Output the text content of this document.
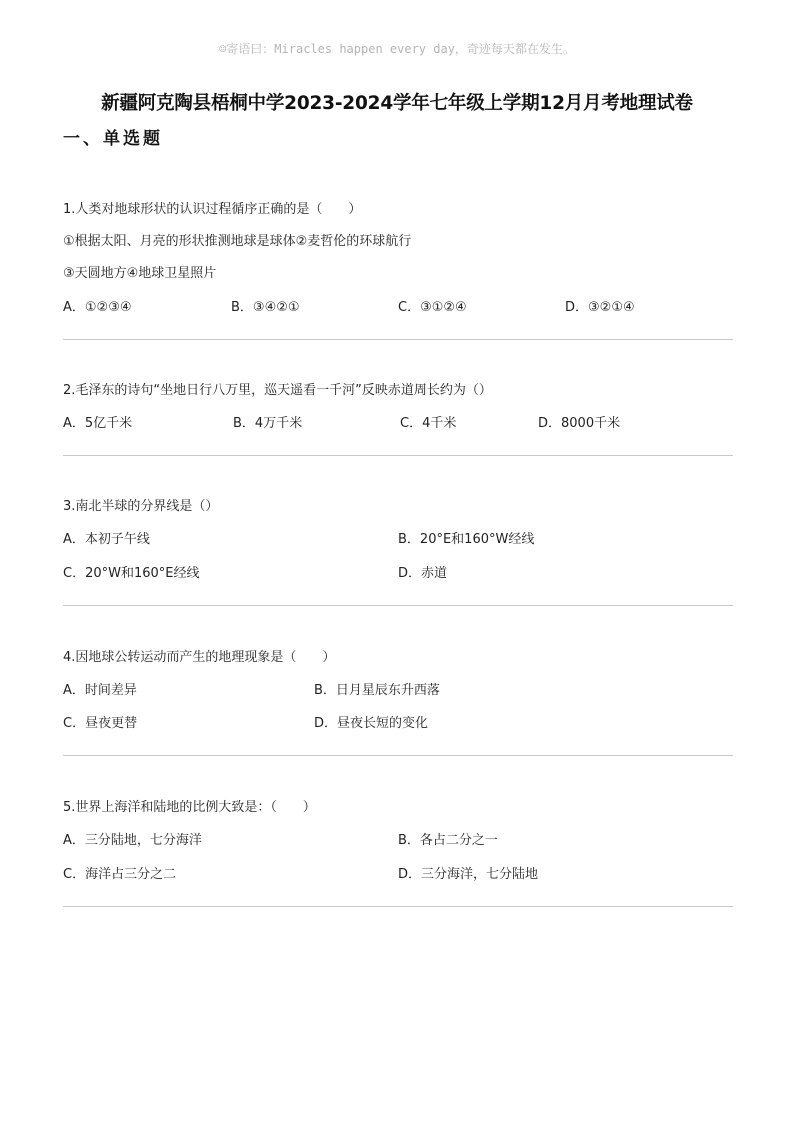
☺寄语曰：Miracles happen every day，奇迹每天都在发生。
新疆阿克陶县梧桐中学2023-2024学年七年级上学期12月月考地理试卷
一、单选题
1.人类对地球形状的认识过程循序正确的是（　　）
①根据太阳、月亮的形状推测地球是球体②麦哲伦的环球航行
③天圆地方④地球卫星照片
A．①②③④	B．③④②①	C．③①②④	D．③②①④
2.毛泽东的诗句“坐地日行八万里，巡天遥看一千河”反映赤道周长约为（）
A．5亿千米	B．4万千米	C．4千米	D．8000千米
3.南北半球的分界线是（）
A．本初子午线	B．20°E和160°W经线
C．20°W和160°E经线	D．赤道
4.因地球公转运动而产生的地理现象是（　　）
A．时间差异	B．日月星辰东升西落
C．昼夜更替	D．昼夜长短的变化
5.世界上海洋和陆地的比例大致是：（　　）
A．三分陆地，七分海洋	B．各占二分之一
C．海洋占三分之二	D．三分海洋，七分陆地
